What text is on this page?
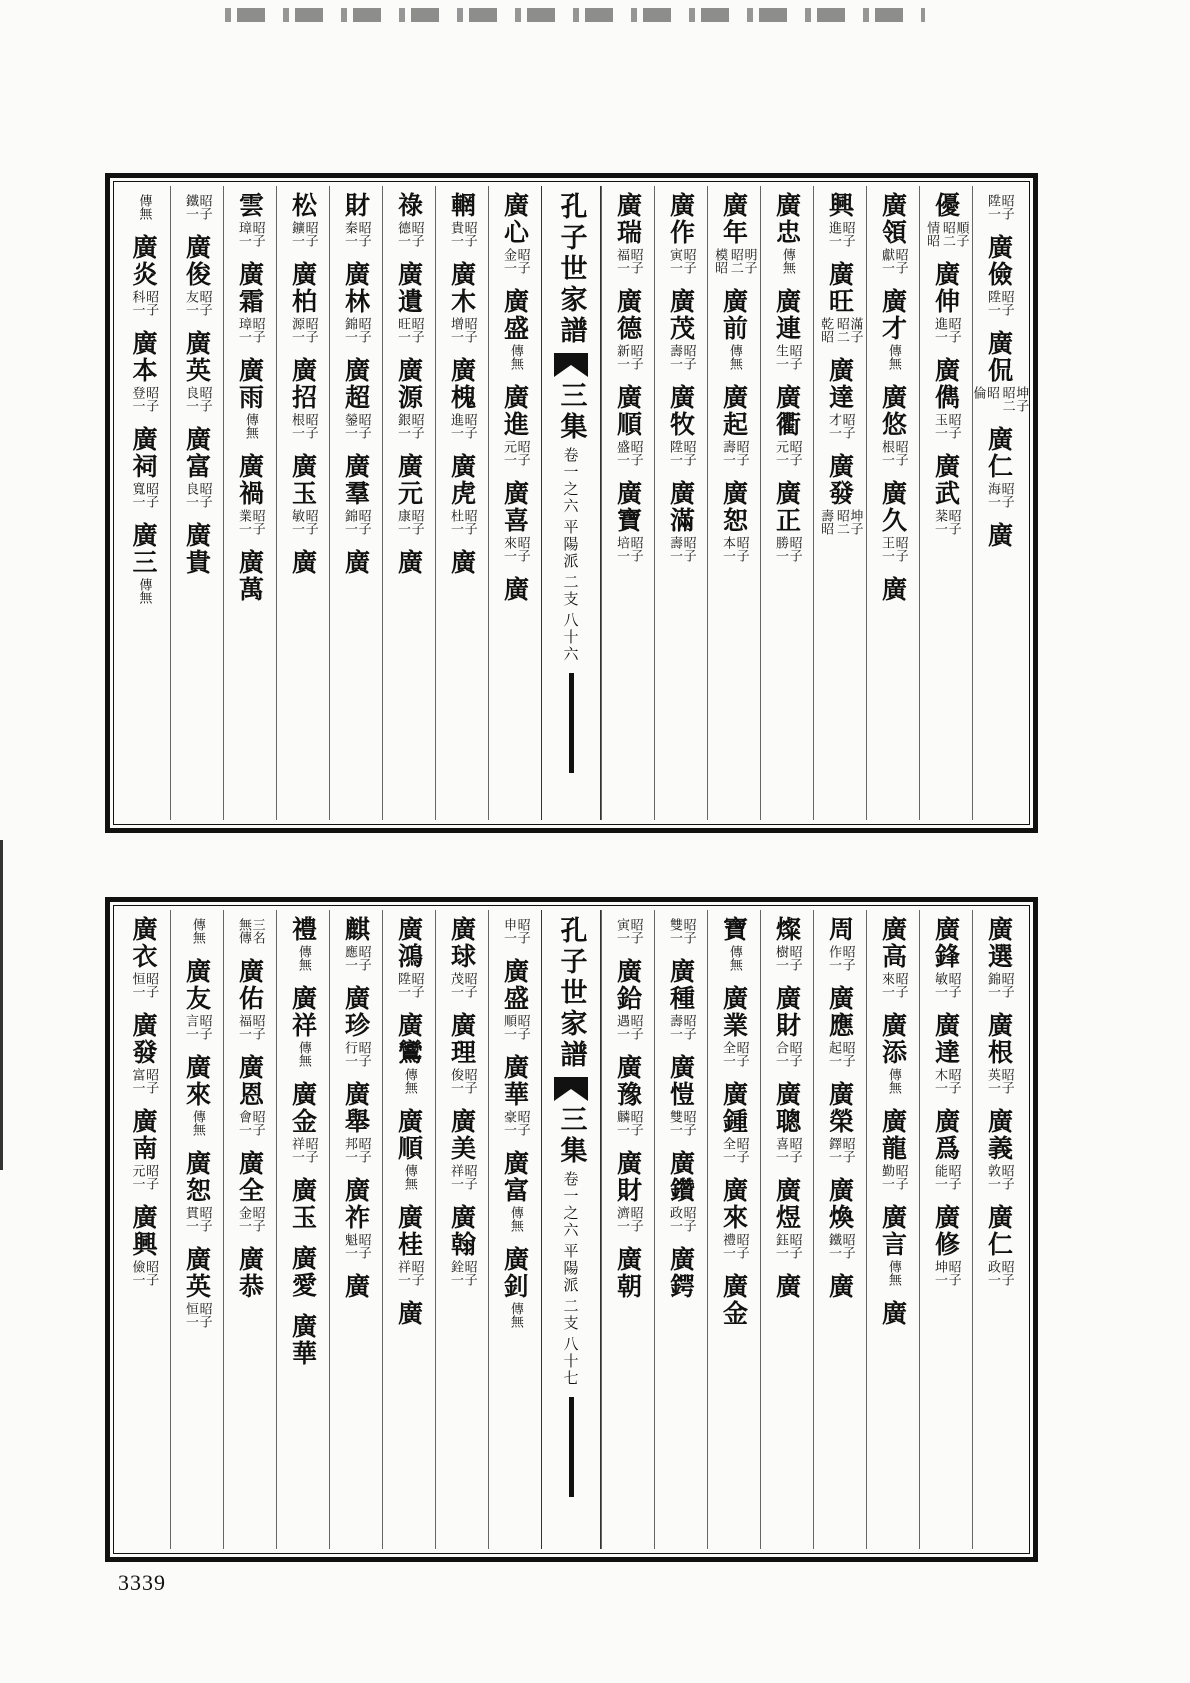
昭子
陞一
廣儉
昭子
陞一
廣侃
坤子
昭二
昭
倫
廣仁
昭子
海一
廣
優
順子
昭二
情昭
廣伸
昭子
進一
廣儁
昭子
玉一
廣武
昭子
棻一
廣領
昭子
獻一
廣才
傳無
廣悠
昭子
根一
廣久
昭子
王一
廣
興
昭子
進一
廣旺
滿子
昭二
乾昭
廣達
昭子
才一
廣發
坤子
昭二
壽昭
廣忠
傳無
廣連
昭子
生一
廣衢
昭子
元一
廣正
昭子
勝一
廣年
明子
昭二
模昭
廣前
傳無
廣起
昭子
壽一
廣恕
昭子
本一
廣作
昭子
寅一
廣茂
昭子
壽一
廣牧
昭子
陞一
廣滿
昭子
壽一
廣瑞
昭子
福一
廣德
昭子
新一
廣順
昭子
盛一
廣寶
昭子
培一
孔子世家譜
三集
卷一之六
平陽派
二支
八十六
廣心
昭子
金一
廣盛
傳無
廣進
昭子
元一
廣喜
昭子
來一
廣
輞
昭子
貴一
廣木
昭子
增一
廣槐
昭子
進一
廣虎
昭子
杜一
廣
祿
昭子
德一
廣遺
昭子
旺一
廣源
昭子
銀一
廣元
昭子
康一
廣
財
昭子
秦一
廣林
昭子
錦一
廣超
昭子
鎣一
廣羣
昭子
錦一
廣
松
昭子
鑛一
廣柏
昭子
源一
廣招
昭子
根一
廣玉
昭子
敏一
廣
雲
昭子
璋一
廣霜
昭子
璋一
廣雨
傳無
廣禍
昭子
業一
廣萬
昭子
鐵一
廣俊
昭子
友一
廣英
昭子
良一
廣富
昭子
良一
廣貴
傳無
廣炎
昭子
科一
廣本
昭子
登一
廣祠
昭子
寬一
廣三
傳無
廣選
昭子
錦一
廣根
昭子
英一
廣義
昭子
敦一
廣仁
昭子
政一
廣鋒
昭子
敏一
廣達
昭子
木一
廣爲
昭子
能一
廣修
昭子
坤一
廣高
昭子
來一
廣添
傳無
廣龍
昭子
勤一
廣言
傳無
廣
周
昭子
作一
廣應
昭子
起一
廣榮
昭子
鐸一
廣煥
昭子
鐵一
廣
燦
昭子
樹一
廣財
昭子
合一
廣聰
昭子
喜一
廣煜
昭子
鈺一
廣
寶
傳無
廣業
昭子
全一
廣鍾
昭子
全一
廣來
昭子
禮一
廣金
昭子
雙一
廣種
昭子
壽一
廣愷
昭子
雙一
廣鑽
昭子
政一
廣鍔
昭子
寅一
廣鉿
昭子
遇一
廣豫
昭子
麟一
廣財
昭子
濟一
廣朝
孔子世家譜
三集
卷一之六
平陽派
二支
八十七
昭子
申一
廣盛
昭子
順一
廣華
昭子
豪一
廣富
傳無
廣釗
傳無
廣球
昭子
茂一
廣理
昭子
俊一
廣美
昭子
祥一
廣翰
昭子
銓一
廣鴻
昭子
陞一
廣鸞
傳無
廣順
傳無
廣桂
昭子
祥一
廣
麒
昭子
應一
廣珍
昭子
行一
廣舉
昭子
邦一
廣祚
昭子
魁一
廣
禮
傳無
廣祥
傳無
廣金
昭子
祥一
廣玉
廣愛
廣華
三名
無傳
廣佑
昭子
福一
廣恩
昭子
會一
廣全
昭子
金一
廣恭
傳無
廣友
昭子
言一
廣來
傳無
廣恕
昭子
貫一
廣英
昭子
恒一
廣衣
昭子
恒一
廣發
昭子
富一
廣南
昭子
元一
廣興
昭子
儉一
3339
